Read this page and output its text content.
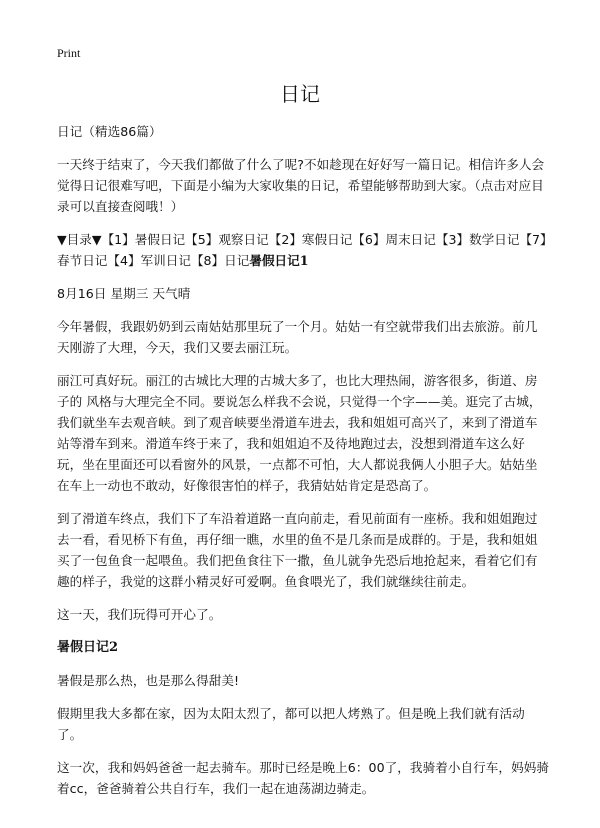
Print
日记

日记（精选86篇）

一天终于结束了，今天我们都做了什么了呢?不如趁现在好好写一篇日记。相信许多人会觉得日记很难写吧，下面是小编为大家收集的日记，希望能够帮助到大家。（点击对应目录可以直接查阅哦！）

▼目录▼【1】暑假日记【5】观察日记【2】寒假日记【6】周末日记【3】数学日记【7】春节日记【4】军训日记【8】日记暑假日记1

8月16日 星期三 天气晴

今年暑假，我跟奶奶到云南姑姑那里玩了一个月。姑姑一有空就带我们出去旅游。前几天刚游了大理，今天，我们又要去丽江玩。

丽江可真好玩。丽江的古城比大理的古城大多了，也比大理热闹，游客很多，街道、房子的 风格与大理完全不同。要说怎么样我不会说，只觉得一个字——美。逛完了古城，我们就坐车去观音峡。到了观音峡要坐滑道车进去，我和姐姐可高兴了，来到了滑道车站等滑车到来。滑道车终于来了，我和姐姐迫不及待地跑过去，没想到滑道车这么好玩，坐在里面还可以看窗外的风景，一点都不可怕，大人都说我俩人小胆子大。姑姑坐在车上一动也不敢动，好像很害怕的样子，我猜姑姑肯定是恐高了。

到了滑道车终点，我们下了车沿着道路一直向前走，看见前面有一座桥。我和姐姐跑过去一看，看见桥下有鱼，再仔细一瞧，水里的鱼不是几条而是成群的。于是，我和姐姐买了一包鱼食一起喂鱼。我们把鱼食往下一撒，鱼儿就争先恐后地抢起来，看着它们有趣的样子，我觉的这群小精灵好可爱啊。鱼食喂光了，我们就继续往前走。

这一天，我们玩得可开心了。

暑假日记2

暑假是那么热，也是那么得甜美!

假期里我大多都在家，因为太阳太烈了，都可以把人烤熟了。但是晚上我们就有活动了。

这一次，我和妈妈爸爸一起去骑车。那时已经是晚上6：00了，我骑着小自行车，妈妈骑着cc，爸爸骑着公共自行车，我们一起在迪荡湖边骑走。
